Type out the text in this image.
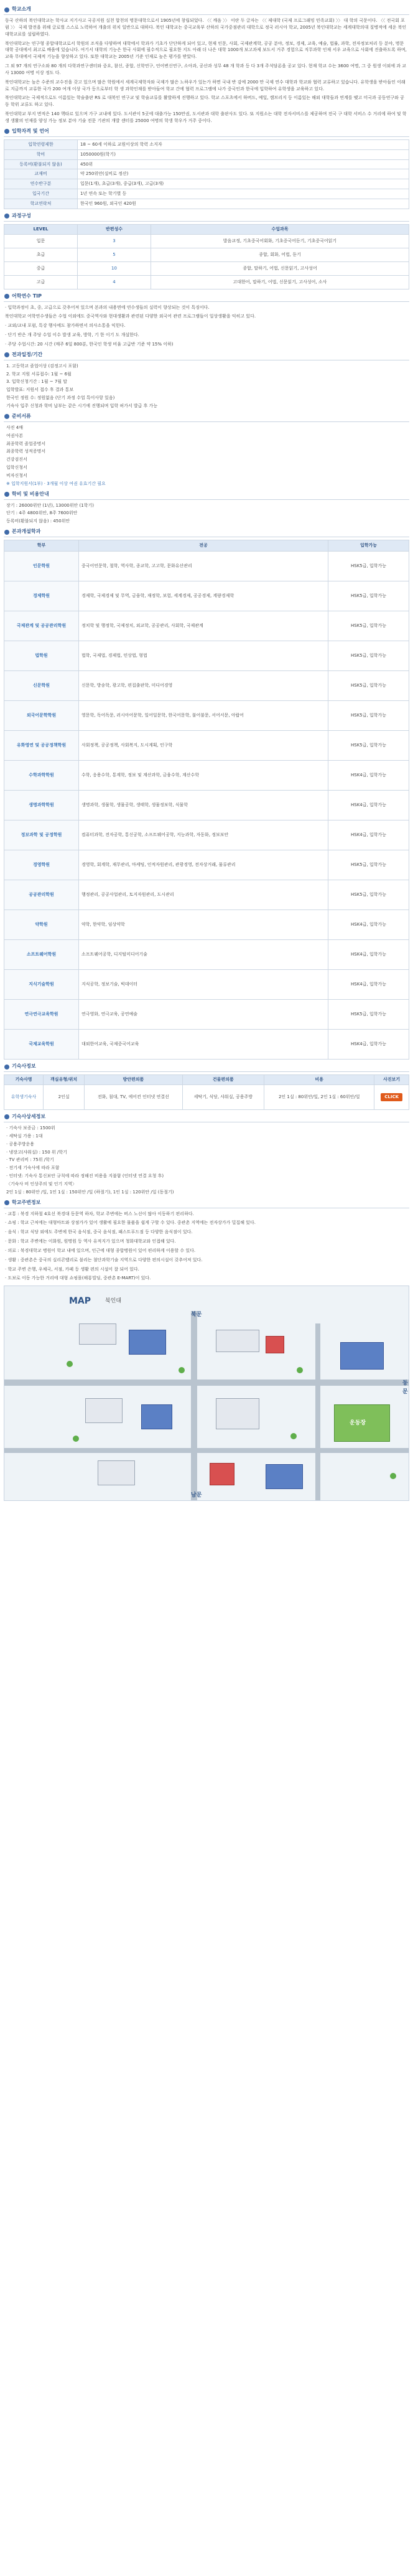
학교소개

동국 산하의 북인대학교는 학사교 지기사고 국공지원 실천 합천의 명문대학으로서 1905년에 창립되었다. 〈〈 깨음 〉〉 이란 두 글자는 〈〈 제대학 (국제 프로그래밍 민족교회) 〉〉 대 학의 국문이다. 〈〈 전국회 포럼 〉〉 국제 발전을 위해 글로벌 스스로 노력하여 개출의 위치 일반으로 대하다. 북인 대학교는 중국교육부 산하의 국가중점관리 대학으로 정국 러시아 학교, 2005년 북인대학교는 세계대학의대 질병적에 세운 북인대학교료를 설립하였다.

북인대학교는 연구형 종합대학교로서 학원의 조직을 다양하며 대학에서 학과가 기초가 단단하게 되어 있고, 현재 인문, 사회, 국제관계학, 공공 분야, 정보, 경제, 교육, 예술, 법률, 과학, 전자정보처리 등 분야, 명문 대학 공대에서 최고로 배움에 있습니다. 여기서 대학의 기능은 한국 사회에 필수적으로 필요한 지도 아래 더 나은 대학 1000개 보고과제 보도서 거주 경험으로 직무과학 인재 서우 교육으로 사회에 진출하도록 하며, 교육 무대에서 국제적 기능을 향상하고 있다. 또한 대학교는 2005년 기준 인재로 높은 평가를 받았다.

그 외 97 개의 연구소와 80 개의 다학과연구센터와 중요, 참신, 종합, 신학연구, 언어변신연구, 소아과, 공산과 성무 48 개 학과 등 다 3개 주석담론을 공교 있다. 현재 학교 수는 3600 여명, 그 중 원생 이외에 과 교사 13000 여명 이상 정도 다.

북인대학교는 높은 수준의 교수진을 갖고 있으며 많은 학원에서 세계국제학자와 국제가 많은 노하우가 있는가 하면 국내 반 감에 2000 만 국제 연수 대학과 학교와 협력 교류하고 있습니다. 유학생을 받아들인 이래로 지금까지 교류한 국가 200 여개 이상 국가 등으로부터 학 생 과학인재를 받아들여 학교 간에 협력 프로그램에 나가 중국인과 한국에 입학하여 유학생을 교육하고 있다.

북인대학교는 국제적으로도 이름있는 학술출판 RS 로 대북인 연구교 및 학술교류를 활발하게 진행하고 있다. 학교 스포츠에서 하버드, 예일, 캠브리지 등 이름있는 해외 대학들과 연계를 맺고 미국과 공동연구와 공동 학위 교류도 하고 있다.

북인대학교 부지 면적은 140 핵타르 있으며 가구 교내에 있다. 도서관이 5곳에 대출가능 150만권, 도서관과 대학 출판사도 있다. 또 지원소는 대학 전자서비스를 제공하며 전국 구 대학 서비스 수 거리에 하여 및 학생 생활의 인재를 양성 가능 정보 분야 기술 전문 기관의 개발 센터를 25000 여명의 학생 학우가 거주 중이다.

입학자격 및 언어
입학연령제한	18 ~ 60세 이하로 교원이상의 학력 소지자
학비	1050000원(학기)
등록비(환불되지 않음)	450위
교재비	약 250위안(실비로 정산)
연수반구분	입문(1개), 초급(3개), 중급(3개), 고급(3개)
입국기간	1년 연속 또는 학기별 등
학교연락처	한국인 960원, 외국인 420원
과정구성
LEVEL	반편성수	수업과목
입문	3	발음교정, 기초중국어회화, 기초중국어듣기, 기초중국어읽기
초급	5	종합, 회화, 어법, 듣기
중급	10	종합, 말하기, 어법, 신문읽기, 고사성어
고급	4	고대한어, 말하기, 어법, 신문읽기, 고사성어, 소사
어학연수 TIP

· 입학과정이 초, 중, 고급으로 갖추어져 있으며 본과의 내용면에 연수생들의 실력이 향상되는 것이 특징이다.

북인대학교 어학연수생들은 수업 이외에도 중국역사와 현대생활과 관련된 다양한 외국어 관련 프로그램들이 일상생활을 익히고 있다.

· 교외/교내 포럼, 특강 행사에도 참가하면서 의사소통을 익힌다.

· 단기 반은 개 주당 수업 이수 발생 교육, 방학, 기 한 이기 도 개설한다.

· 주당 수업시간: 20 시간 (매주 6일 800분, 한국인 학생 비율 고급반 기준 약 15% 이하)

전과일정/기간
1. 고등학교 졸업이상 (검정고시 포함)
2. 학교 지원 서류접수: 1월 ~ 6월
3. 입학신청기간 : 1월 ~ 7월 말
입학발표: 지원서 접수 후 결과 통보
한국인 정원 수: 정원없음 (단기 과정 수업 특이사항 있음)
기숙사 입주 신청과 학비 납부는 같은 시기에 진행되며 입학 허가서 발급 후 가능
준비서류
사진 4매
여권사본
최종학력 졸업증명서
최종학력 성적증명서
건강검진서
입학신청서
비자신청서
※ 입학지원서(1부) · 3개월 이상 여권 유효기간 필요
학비 및 비용안내
장기 : 26000위안 (1년), 13000위안 (1학기)
단기 : 4주 4800위안, 8주 7600위안
등록비(환불되지 않음) : 450위안
본과개설학과
학부	전공	입학가능
인문학원	중국어언문학, 철학, 역사학, 종교학, 고고학, 문화유산관리	HSK5급, 입학가능
경제학원	경제학, 국제경제 및 무역, 금융학, 재정학, 보험, 세계경제, 공공경제, 계량경제학	HSK5급, 입학가능
국제관계 및 공공관리학원	정치학 및 행정학, 국제정치, 외교학, 공공관리, 사회학, 국제관계	HSK5급, 입학가능
법학원	법학, 국제법, 경제법, 민상법, 형법	HSK5급, 입학가능
신문학원	신문학, 방송학, 광고학, 편집출판학, 미디어경영	HSK5급, 입학가능
외국어문학학원	영문학, 독어독문, 러시아어문학, 일어일문학, 한국어문학, 불어불문, 서어서문, 아랍어	HSK5급, 입학가능
유화영연 및 공공정책학원	사회정책, 공공정책, 사회복지, 도시계획, 인구학	HSK5급, 입학가능
수학과학학원	수학, 응용수학, 통계학, 정보 및 계산과학, 금융수학, 계산수학	HSK4급, 입학가능
생명과학학원	생명과학, 생물학, 생물공학, 생태학, 생물정보학, 식물학	HSK4급, 입학가능
정보과학 및 공정학원	컴퓨터과학, 전자공학, 통신공학, 소프트웨어공학, 지능과학, 자동화, 정보보안	HSK4급, 입학가능
경영학원	경영학, 회계학, 재무관리, 마케팅, 인적자원관리, 관광경영, 전자상거래, 물류관리	HSK5급, 입학가능
공공관리학원	행정관리, 공공사업관리, 토지자원관리, 도시관리	HSK5급, 입학가능
약학원	약학, 한약학, 임상약학	HSK4급, 입학가능
소프트웨어학원	소프트웨어공학, 디지털미디어기술	HSK4급, 입학가능
지식기술학원	지식공학, 정보기술, 빅데이터	HSK4급, 입학가능
연극연극교육학원	연극영화, 연극교육, 공연예술	HSK5급, 입학가능
국제교육학원	대외한어교육, 국제중국어교육	HSK4급, 입학가능
기숙사정보
기숙사명	객실유형/위치	방안편의품	건물편의품	비용	사진보기
유학생기숙사	2인실	전화, 침대, TV, 에어컨 인터넷 연결선	세탁기, 식당, 샤워실, 공용주방	2인 1실 : 80위안/일, 2인 1실 : 60위안/일	CLICK
기숙사상세정보
· 기숙사 보증금 : 1500위
· 세탁실 가용 : 1대
· 공용주방운용
· 냉장고(샤워실) : 150 위 /학기
· TV 관리비 : 75위 /학기
· 전기세 기숙사에 따라 포함
· 인터넷: 기숙사 통신보안 규칙에 따라 정해진 비용을 지불함 (인터넷 연결 요청 후)
〈기숙사 비 인상주의 및 인기 지역〉
2인 1실 : 80위안 /일, 1인 1실 : 150위안 /일 (하절기), 1인 1실 : 120위안 /일 (동절기)
학교주변정보

· 교통 : 북경 지하철 4호선 북경대 동문역 하차, 학교 주변에는 버스 노선이 많아 이동하기 편리하다.

· 쇼핑 : 학교 근처에는 대형마트와 상점가가 있어 생활에 필요한 물품을 쉽게 구할 수 있다. 중관촌 지역에는 전자상가가 밀집해 있다.

· 음식 : 학교 식당 외에도 주변에 한국 음식점, 중국 음식점, 패스트푸드점 등 다양한 음식점이 있다.

· 문화 : 학교 주변에는 이화원, 원명원 등 역사 유적지가 있으며 청화대학교와 인접해 있다.

· 의료 : 북경대학교 병원이 학교 내에 있으며, 인근에 대형 종합병원이 있어 편리하게 이용할 수 있다.

· 생활 : 중관촌은 중국의 실리콘밸리로 불리는 첨단과학기술 지역으로 다양한 편의시설이 갖추어져 있다.

· 학교 주변 은행, 우체국, 서점, 카페 등 생활 편의 시설이 잘 되어 있다.

· 도보로 이동 가능한 거리에 대형 쇼핑몰(해룡빌딩, 중관촌 E-MART)이 있다.

MAP	북인대
북문
동문
남문
운동장
